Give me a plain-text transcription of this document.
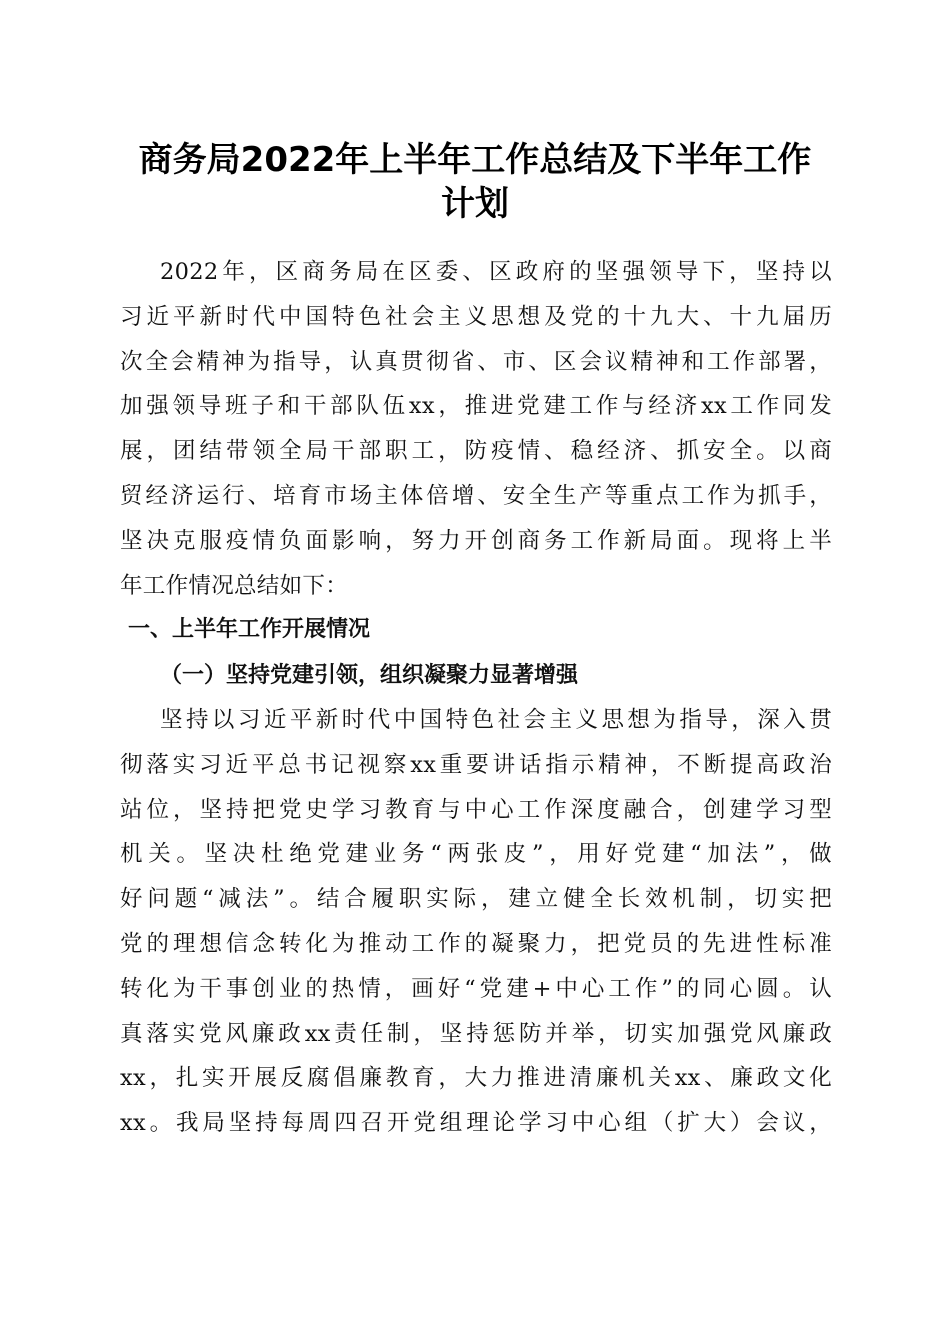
商务局2022年上半年工作总结及下半年工作
计划
2022年，区商务局在区委、区政府的坚强领导下，坚持以
习近平新时代中国特色社会主义思想及党的十九大、十九届历
次全会精神为指导，认真贯彻省、市、区会议精神和工作部署，
加强领导班子和干部队伍xx，推进党建工作与经济xx工作同发
展，团结带领全局干部职工，防疫情、稳经济、抓安全。以商
贸经济运行、培育市场主体倍增、安全生产等重点工作为抓手，
坚决克服疫情负面影响，努力开创商务工作新局面。现将上半
年工作情况总结如下：
一、上半年工作开展情况
（一）坚持党建引领，组织凝聚力显著增强
坚持以习近平新时代中国特色社会主义思想为指导，深入贯
彻落实习近平总书记视察xx重要讲话指示精神，不断提高政治
站位，坚持把党史学习教育与中心工作深度融合，创建学习型
机关。坚决杜绝党建业务“两张皮”，用好党建“加法”，做
好问题“减法”。结合履职实际，建立健全长效机制，切实把
党的理想信念转化为推动工作的凝聚力，把党员的先进性标准
转化为干事创业的热情，画好“党建+中心工作”的同心圆。认
真落实党风廉政xx责任制，坚持惩防并举，切实加强党风廉政
xx，扎实开展反腐倡廉教育，大力推进清廉机关xx、廉政文化
xx。我局坚持每周四召开党组理论学习中心组（扩大）会议，
